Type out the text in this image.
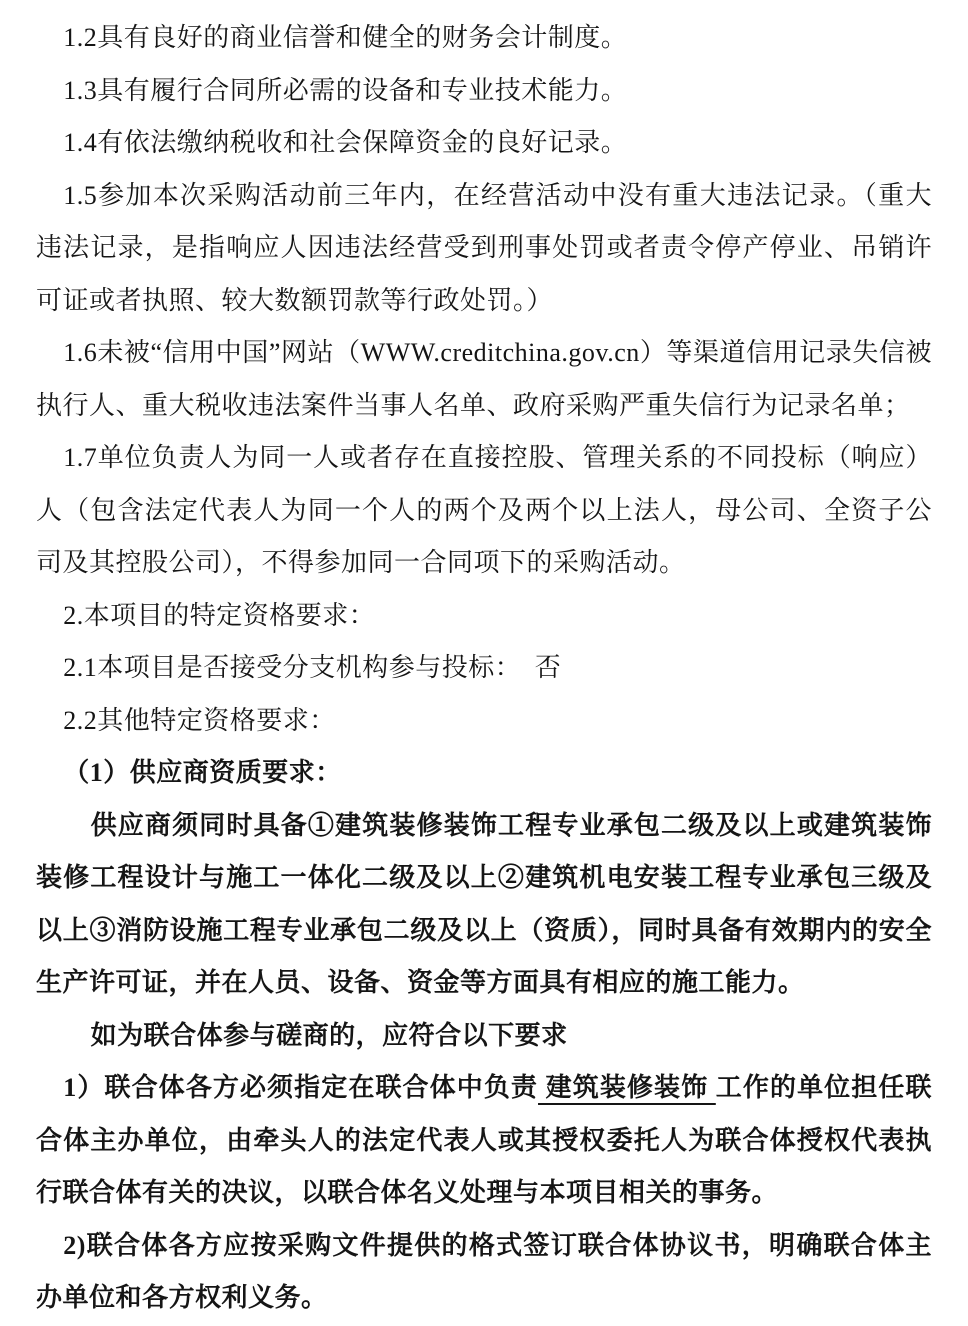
1.2具有良好的商业信誉和健全的财务会计制度。

1.3具有履行合同所必需的设备和专业技术能力。

1.4有依法缴纳税收和社会保障资金的良好记录。

1.5参加本次采购活动前三年内，在经营活动中没有重大违法记录。（重大违法记录，是指响应人因违法经营受到刑事处罚或者责令停产停业、吊销许可证或者执照、较大数额罚款等行政处罚。）

1.6未被“信用中国”网站（WWW.creditchina.gov.cn）等渠道信用记录失信被执行人、重大税收违法案件当事人名单、政府采购严重失信行为记录名单；

1.7单位负责人为同一人或者存在直接控股、管理关系的不同投标（响应）人（包含法定代表人为同一个人的两个及两个以上法人，母公司、全资子公司及其控股公司），不得参加同一合同项下的采购活动。

2.本项目的特定资格要求：

2.1本项目是否接受分支机构参与投标：　否

2.2其他特定资格要求：

（1）供应商资质要求：

供应商须同时具备①建筑装修装饰工程专业承包二级及以上或建筑装饰装修工程设计与施工一体化二级及以上②建筑机电安装工程专业承包三级及以上③消防设施工程专业承包二级及以上（资质），同时具备有效期内的安全生产许可证，并在人员、设备、资金等方面具有相应的施工能力。

如为联合体参与磋商的，应符合以下要求

1）联合体各方必须指定在联合体中负责 建筑装修装饰 工作的单位担任联合体主办单位，由牵头人的法定代表人或其授权委托人为联合体授权代表执行联合体有关的决议，以联合体名义处理与本项目相关的事务。

2)联合体各方应按采购文件提供的格式签订联合体协议书，明确联合体主办单位和各方权利义务。
